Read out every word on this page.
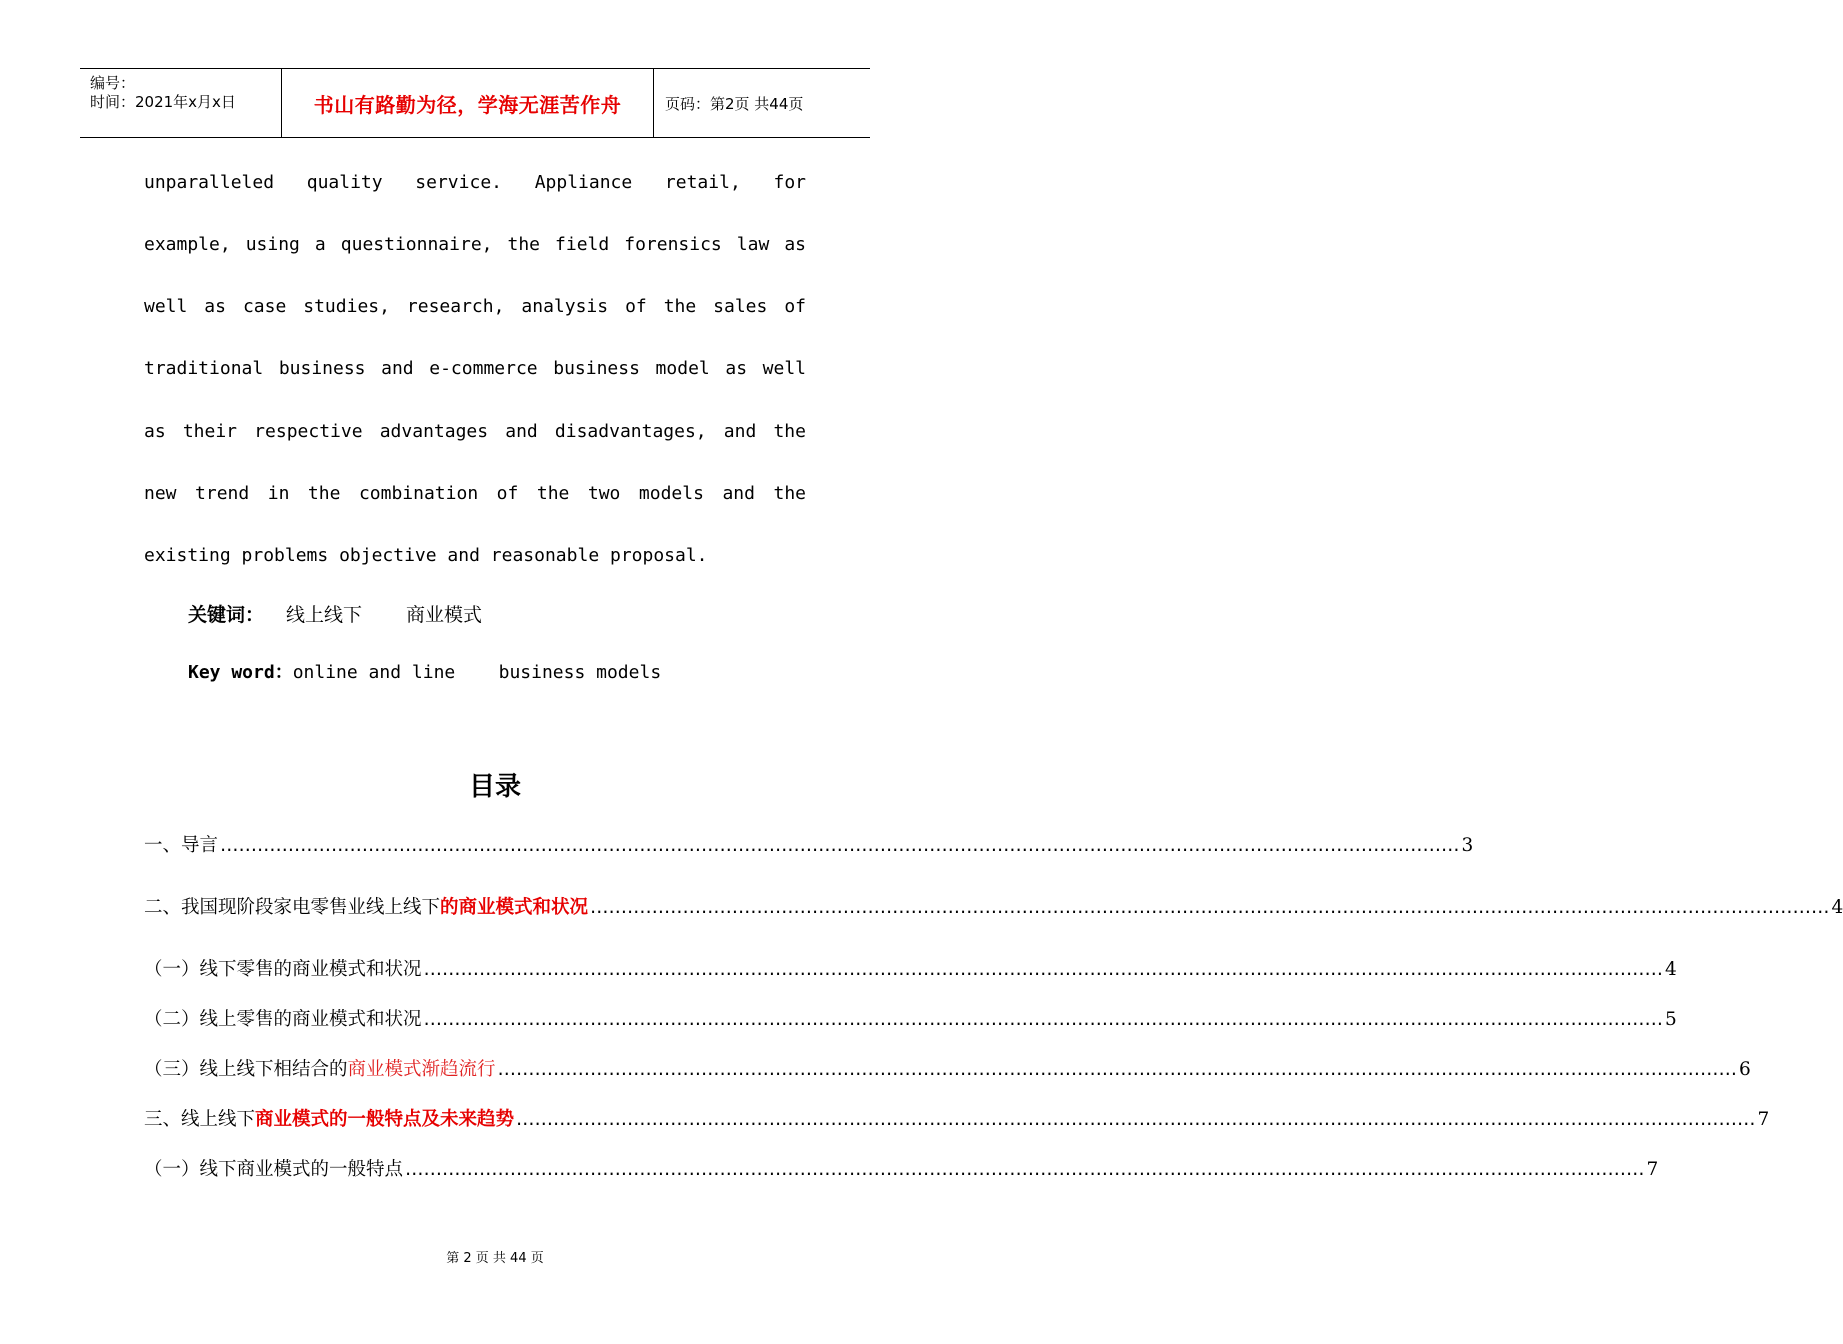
编号：
时间：2021年x月x日	书山有路勤为径，学海无涯苦作舟	页码：第2页 共44页
unparalleled quality service. Appliance retail, for
example, using a questionnaire, the field forensics law as
well as case studies, research, analysis of the sales of
traditional business and e-commerce business model as well
as their respective advantages and disadvantages, and the
new trend in the combination of the two models and the
existing problems objective and reasonable proposal.
关键词： 线上线下 商业模式
Key word：online and line    business models
目录
一、导言 ………………………………………………………………………………………………………………………………………………………………………………… 3
二、我国现阶段家电零售业线上线下 的商业模式和状况 ………………………………………………………………………………………………………………………………………………………………………………… 4
（一）线下零售的商业模式和状况 ………………………………………………………………………………………………………………………………………………………………………………… 4
（二）线上零售的商业模式和状况 ………………………………………………………………………………………………………………………………………………………………………………… 5
（三）线上线下相结合的 商业模式渐趋流行 ………………………………………………………………………………………………………………………………………………………………………………… 6
三、线上线下 商业模式的一般特点及未来趋势 ………………………………………………………………………………………………………………………………………………………………………………… 7
（一）线下商业模式的一般特点 ………………………………………………………………………………………………………………………………………………………………………………… 7
第 2 页 共 44 页
